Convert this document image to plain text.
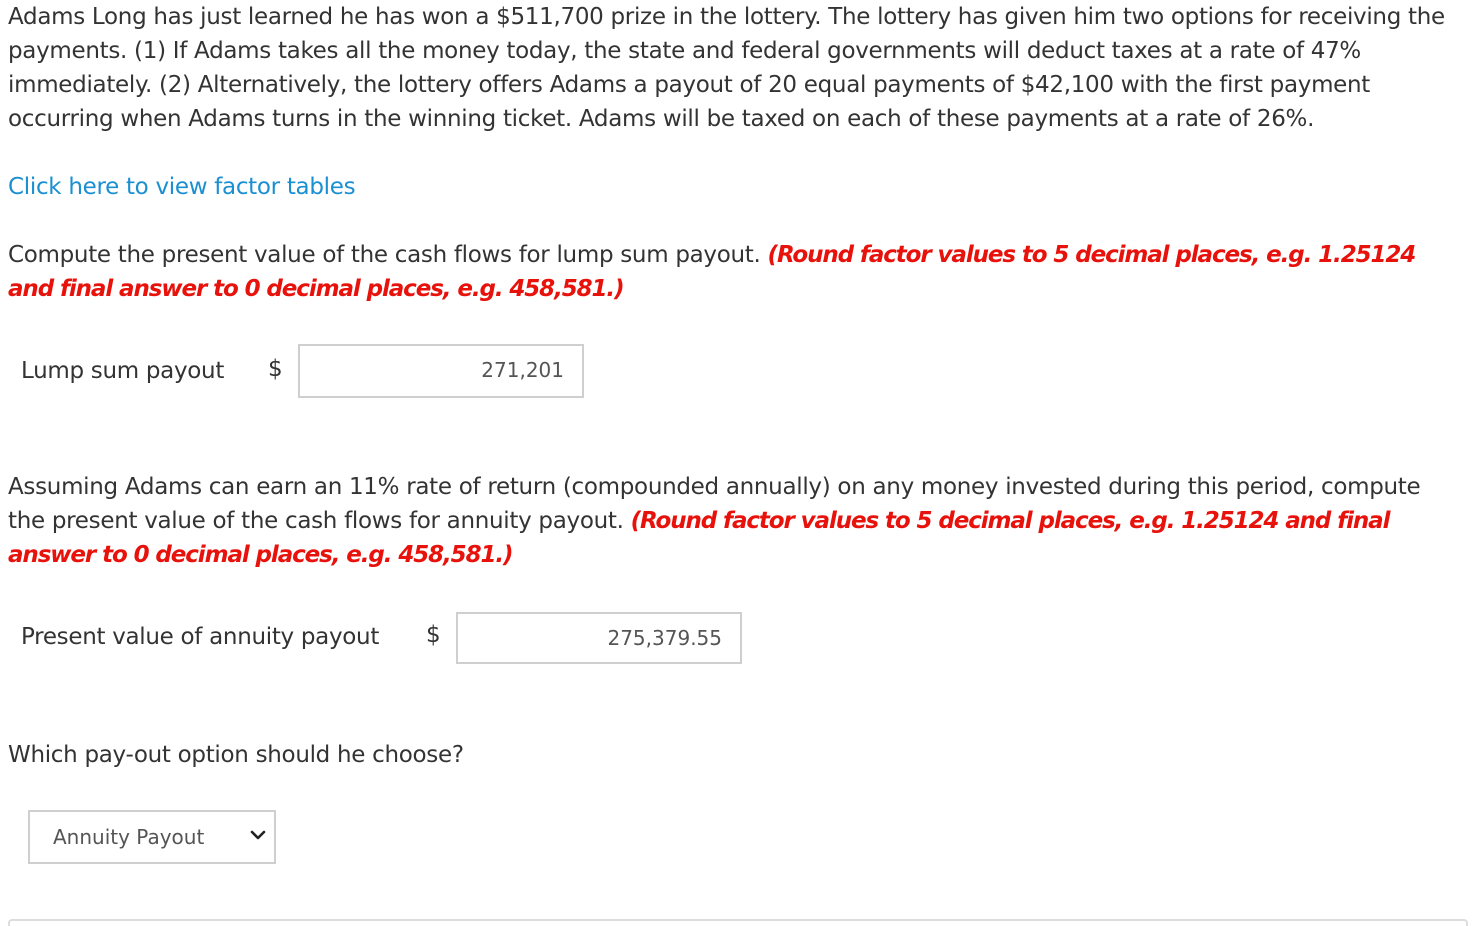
Adams Long has just learned he has won a $511,700 prize in the lottery. The lottery has given him two options for receiving the payments. (1) If Adams takes all the money today, the state and federal governments will deduct taxes at a rate of 47% immediately. (2) Alternatively, the lottery offers Adams a payout of 20 equal payments of $42,100 with the first payment occurring when Adams turns in the winning ticket. Adams will be taxed on each of these payments at a rate of 26%.

Click here to view factor tables

Compute the present value of the cash flows for lump sum payout. (Round factor values to 5 decimal places, e.g. 1.25124 and final answer to 0 decimal places, e.g. 458,581.)

Lump sum payout $	271,201

Assuming Adams can earn an 11% rate of return (compounded annually) on any money invested during this period, compute the present value of the cash flows for annuity payout. (Round factor values to 5 decimal places, e.g. 1.25124 and final answer to 0 decimal places, e.g. 458,581.)

Present value of annuity payout $	275,379.55

Which pay-out option should he choose?

Annuity Payout
